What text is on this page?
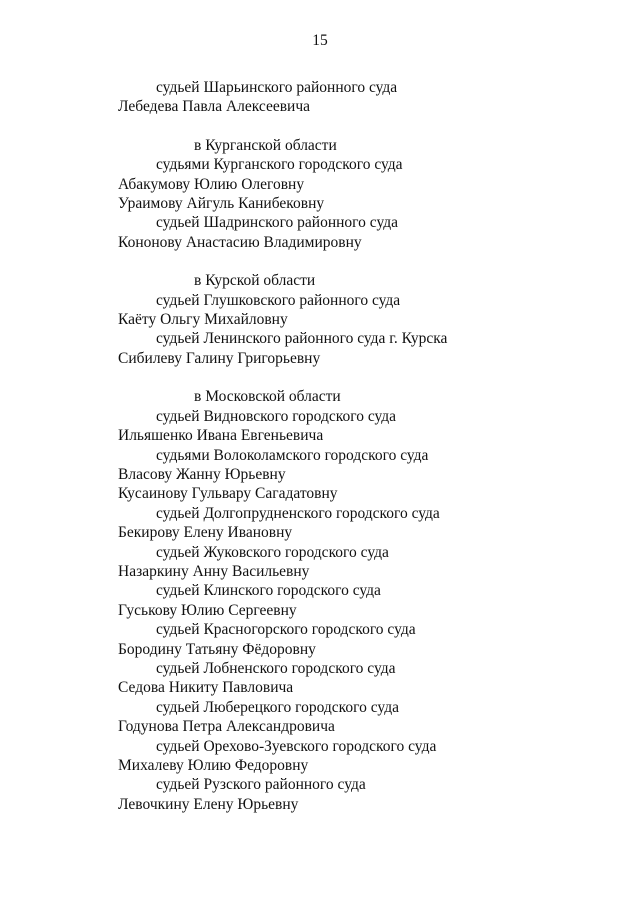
15

судьей Шарьинского районного суда
Лебедева Павла Алексеевича
в Курганской области
судьями Курганского городского суда
Абакумову Юлию Олеговну
Ураимову Айгуль Канибековну
судьей Шадринского районного суда
Кононову Анастасию Владимировну
в Курской области
судьей Глушковского районного суда
Каёту Ольгу Михайловну
судьей Ленинского районного суда г. Курска
Сибилеву Галину Григорьевну
в Московской области
судьей Видновского городского суда
Ильяшенко Ивана Евгеньевича
судьями Волоколамского городского суда
Власову Жанну Юрьевну
Кусаинову Гульвару Сагадатовну
судьей Долгопрудненского городского суда
Бекирову Елену Ивановну
судьей Жуковского городского суда
Назаркину Анну Васильевну
судьей Клинского городского суда
Гуськову Юлию Сергеевну
судьей Красногорского городского суда
Бородину Татьяну Фёдоровну
судьей Лобненского городского суда
Седова Никиту Павловича
судьей Люберецкого городского суда
Годунова Петра Александровича
судьей Орехово-Зуевского городского суда
Михалеву Юлию Федоровну
судьей Рузского районного суда
Левочкину Елену Юрьевну
